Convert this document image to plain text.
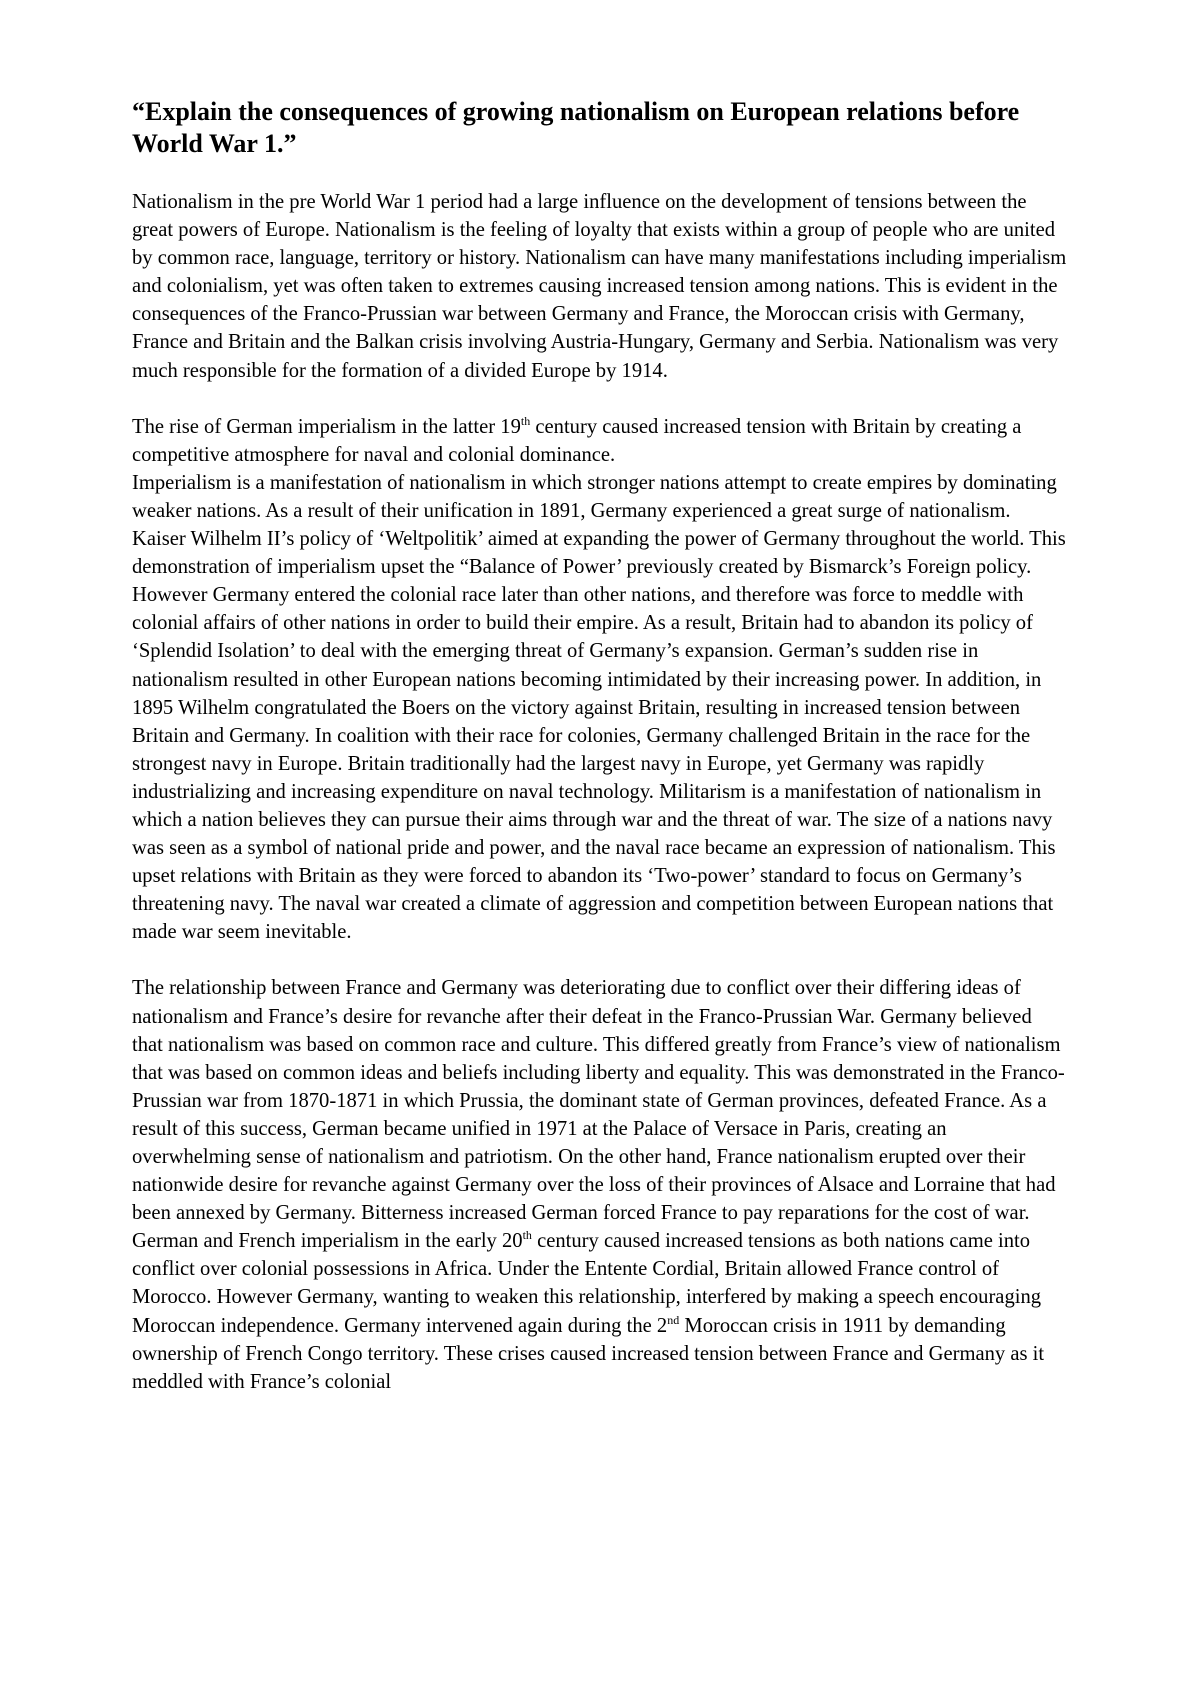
“Explain the consequences of growing nationalism on European relations before World War 1.”

Nationalism in the pre World War 1 period had a large influence on the development of tensions between the great powers of Europe. Nationalism is the feeling of loyalty that exists within a group of people who are united by common race, language, territory or history. Nationalism can have many manifestations including imperialism and colonialism, yet was often taken to extremes causing increased tension among nations. This is evident in the consequences of the Franco-Prussian war between Germany and France, the Moroccan crisis with Germany, France and Britain and the Balkan crisis involving Austria-Hungary, Germany and Serbia. Nationalism was very much responsible for the formation of a divided Europe by 1914.

The rise of German imperialism in the latter 19th century caused increased tension with Britain by creating a competitive atmosphere for naval and colonial dominance.
Imperialism is a manifestation of nationalism in which stronger nations attempt to create empires by dominating weaker nations. As a result of their unification in 1891, Germany experienced a great surge of nationalism. Kaiser Wilhelm II’s policy of ‘Weltpolitik’ aimed at expanding the power of Germany throughout the world. This demonstration of imperialism upset the “Balance of Power’ previously created by Bismarck’s Foreign policy. However Germany entered the colonial race later than other nations, and therefore was force to meddle with colonial affairs of other nations in order to build their empire. As a result, Britain had to abandon its policy of ‘Splendid Isolation’ to deal with the emerging threat of Germany’s expansion. German’s sudden rise in nationalism resulted in other European nations becoming intimidated by their increasing power. In addition, in 1895 Wilhelm congratulated the Boers on the victory against Britain, resulting in increased tension between Britain and Germany. In coalition with their race for colonies, Germany challenged Britain in the race for the strongest navy in Europe. Britain traditionally had the largest navy in Europe, yet Germany was rapidly industrializing and increasing expenditure on naval technology. Militarism is a manifestation of nationalism in which a nation believes they can pursue their aims through war and the threat of war. The size of a nations navy was seen as a symbol of national pride and power, and the naval race became an expression of nationalism. This upset relations with Britain as they were forced to abandon its ‘Two-power’ standard to focus on Germany’s threatening navy. The naval war created a climate of aggression and competition between European nations that made war seem inevitable.

The relationship between France and Germany was deteriorating due to conflict over their differing ideas of nationalism and France’s desire for revanche after their defeat in the Franco-Prussian War. Germany believed that nationalism was based on common race and culture. This differed greatly from France’s view of nationalism that was based on common ideas and beliefs including liberty and equality. This was demonstrated in the Franco-Prussian war from 1870-1871 in which Prussia, the dominant state of German provinces, defeated France. As a result of this success, German became unified in 1971 at the Palace of Versace in Paris, creating an overwhelming sense of nationalism and patriotism. On the other hand, France nationalism erupted over their nationwide desire for revanche against Germany over the loss of their provinces of Alsace and Lorraine that had been annexed by Germany. Bitterness increased German forced France to pay reparations for the cost of war. German and French imperialism in the early 20th century caused increased tensions as both nations came into conflict over colonial possessions in Africa. Under the Entente Cordial, Britain allowed France control of Morocco. However Germany, wanting to weaken this relationship, interfered by making a speech encouraging Moroccan independence. Germany intervened again during the 2nd Moroccan crisis in 1911 by demanding ownership of French Congo territory. These crises caused increased tension between France and Germany as it meddled with France’s colonial
